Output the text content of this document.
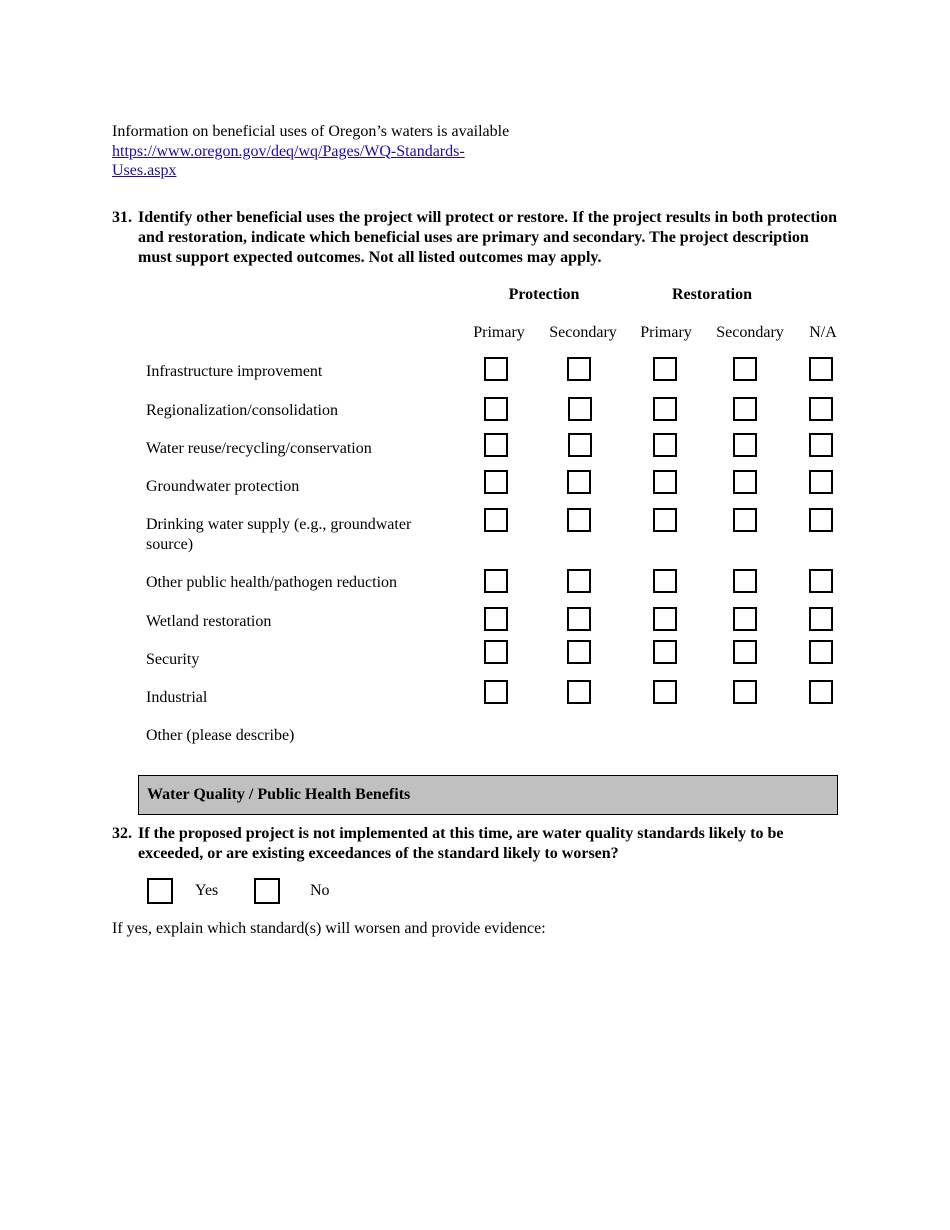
Information on beneficial uses of Oregon’s waters is available
https://www.oregon.gov/deq/wq/Pages/WQ-Standards-
Uses.aspx
31. Identify other beneficial uses the project will protect or restore. If the project results in both protection and restoration, indicate which beneficial uses are primary and secondary. The project description must support expected outcomes. Not all listed outcomes may apply.
Protection	Restoration
Primary	Secondary	Primary	Secondary	N/A
Infrastructure improvement
Regionalization/consolidation
Water reuse/recycling/conservation
Groundwater protection
Drinking water supply (e.g., groundwater source)
Other public health/pathogen reduction
Wetland restoration
Security
Industrial
Other (please describe)
Water Quality / Public Health Benefits
32. If the proposed project is not implemented at this time, are water quality standards likely to be exceeded, or are existing exceedances of the standard likely to worsen?
Yes	No
If yes, explain which standard(s) will worsen and provide evidence:
